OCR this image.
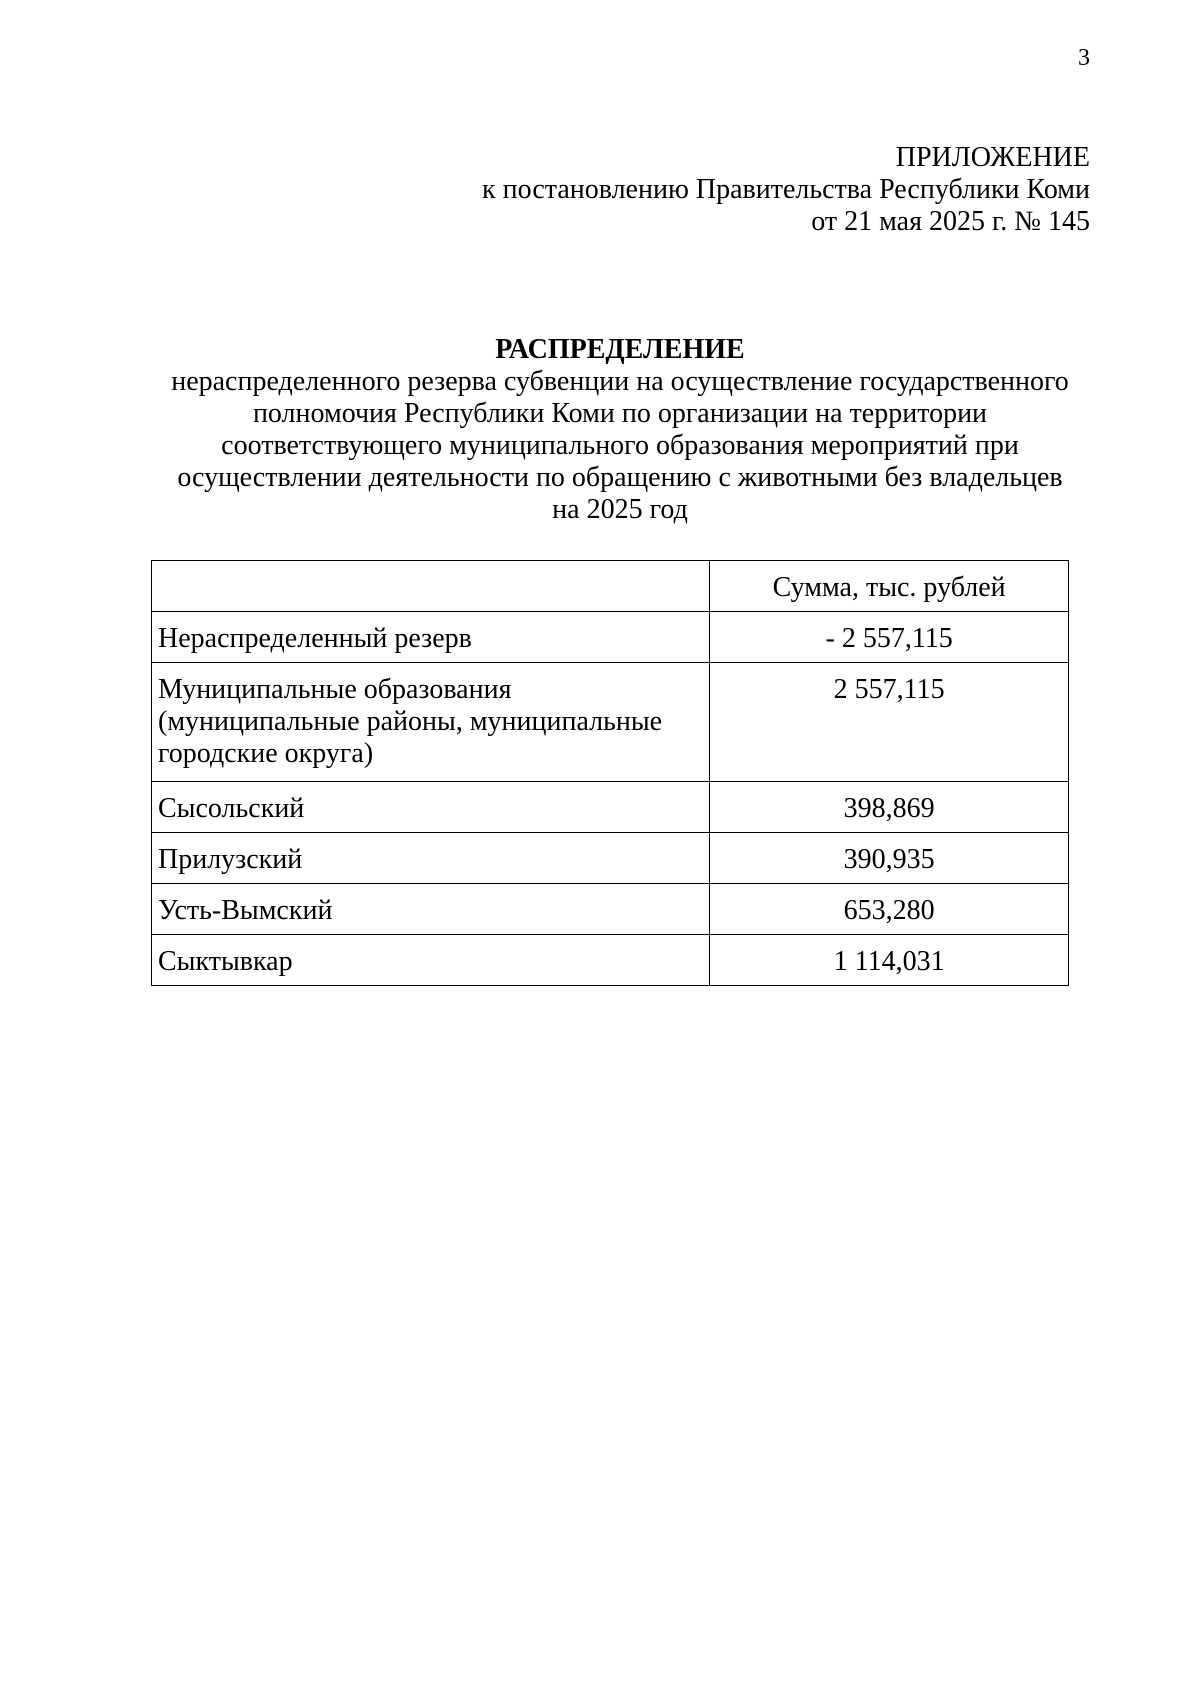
3
ПРИЛОЖЕНИЕ
к постановлению Правительства Республики Коми
от 21 мая 2025 г. № 145
РАСПРЕДЕЛЕНИЕ
нераспределенного резерва субвенции на осуществление государственного
полномочия Республики Коми по организации на территории
соответствующего муниципального образования мероприятий при
осуществлении деятельности по обращению с животными без владельцев
на 2025 год

	Сумма, тыс. рублей

Нераспределенный резерв	- 2 557,115

Муниципальные образования (муниципальные районы, муниципальные городские округа)	2 557,115

Сысольский	398,869

Прилузский	390,935

Усть-Вымский	653,280

Сыктывкар	1 114,031
